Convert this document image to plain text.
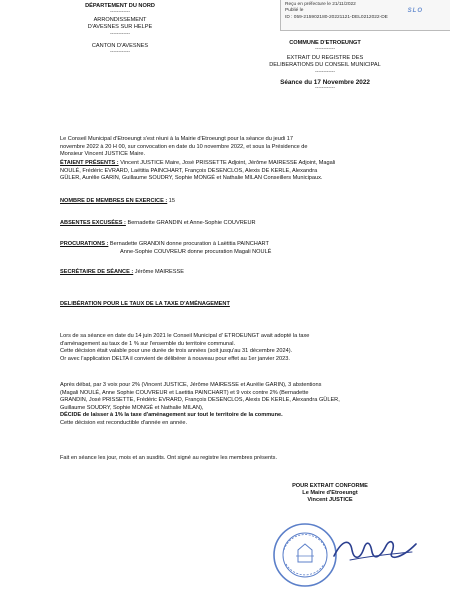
Reçu en préfecture le 21/11/2022
Publié le
ID : 059-215902180-20221121-DEL0212022-DE
SLO
DÉPARTEMENT DU NORD
------------
ARRONDISSEMENT
D'AVESNES SUR HELPE
------------
CANTON D'AVESNES
------------
COMMUNE D'ETROEUNGT
------------
EXTRAIT DU REGISTRE DES
DELIBERATIONS DU CONSEIL MUNICIPAL
------------
Séance du 17 Novembre 2022
------------
Le Conseil Municipal d'Etroeungt s'est réuni à la Mairie d'Etroeungt pour la séance du jeudi 17
novembre 2022 à 20 H 00, sur convocation en date du 10 novembre 2022, et sous la Présidence de
Monsieur Vincent JUSTICE Maire.
ÉTAIENT PRÉSENTS : Vincent JUSTICE Maire, José PRISSETTE Adjoint, Jérôme MAIRESSE Adjoint, Magali
NOULÉ, Frédéric EVRARD, Laëtitia PAINCHART, François DESENCLOS, Alexis DE KERLE, Alexandra
GÜLER, Aurélie GARIN, Guillaume SOUDRY, Sophie MONGÉ et Nathalie MILAN Conseillers Municipaux.
NOMBRE DE MEMBRES EN EXERCICE : 15
ABSENTES EXCUSÉES : Bernadette GRANDIN et Anne-Sophie COUVREUR
PROCURATIONS : Bernadette GRANDIN donne procuration à Laëtitia PAINCHART
Anne-Sophie COUVREUR donne procuration Magali NOULÉ
SECRÉTAIRE DE SÉANCE : Jérôme MAIRESSE
DELIBÉRATION POUR LE TAUX DE LA TAXE D'AMÉNAGEMENT
Lors de sa séance en date du 14 juin 2021 le Conseil Municipal d' ETROEUNGT avait adopté la taxe
d'aménagement au taux de 1 % sur l'ensemble du territoire communal.
Cette décision était valable pour une durée de trois années (soit jusqu'au 31 décembre 2024).
Or avec l'application DELTA il convient de délibérer à nouveau pour effet au 1er janvier 2023.
Après débat, par 3 voix pour 2% (Vincent JUSTICE, Jérôme MAIRESSE et Aurélie GARIN), 3 abstentions
(Magali NOULÉ, Anne Sophie COUVREUR et Laetitia PAINCHART) et 9 voix contre 2% (Bernadette
GRANDIN, José PRISSETTE, Frédéric EVRARD, François DESENCLOS, Alexis DE KERLE, Alexandra GÜLER,
Guillaume SOUDRY, Sophie MONGÉ et Nathalie MILAN),
DÉCIDE de laisser à 1% la taxe d'aménagement sur tout le territoire de la commune.
Cette décision est reconductible d'année en année.
Fait en séance les jour, mois et an susdits. Ont signé au registre les membres présents.
POUR EXTRAIT CONFORME
Le Maire d'Etroeungt
Vincent JUSTICE
